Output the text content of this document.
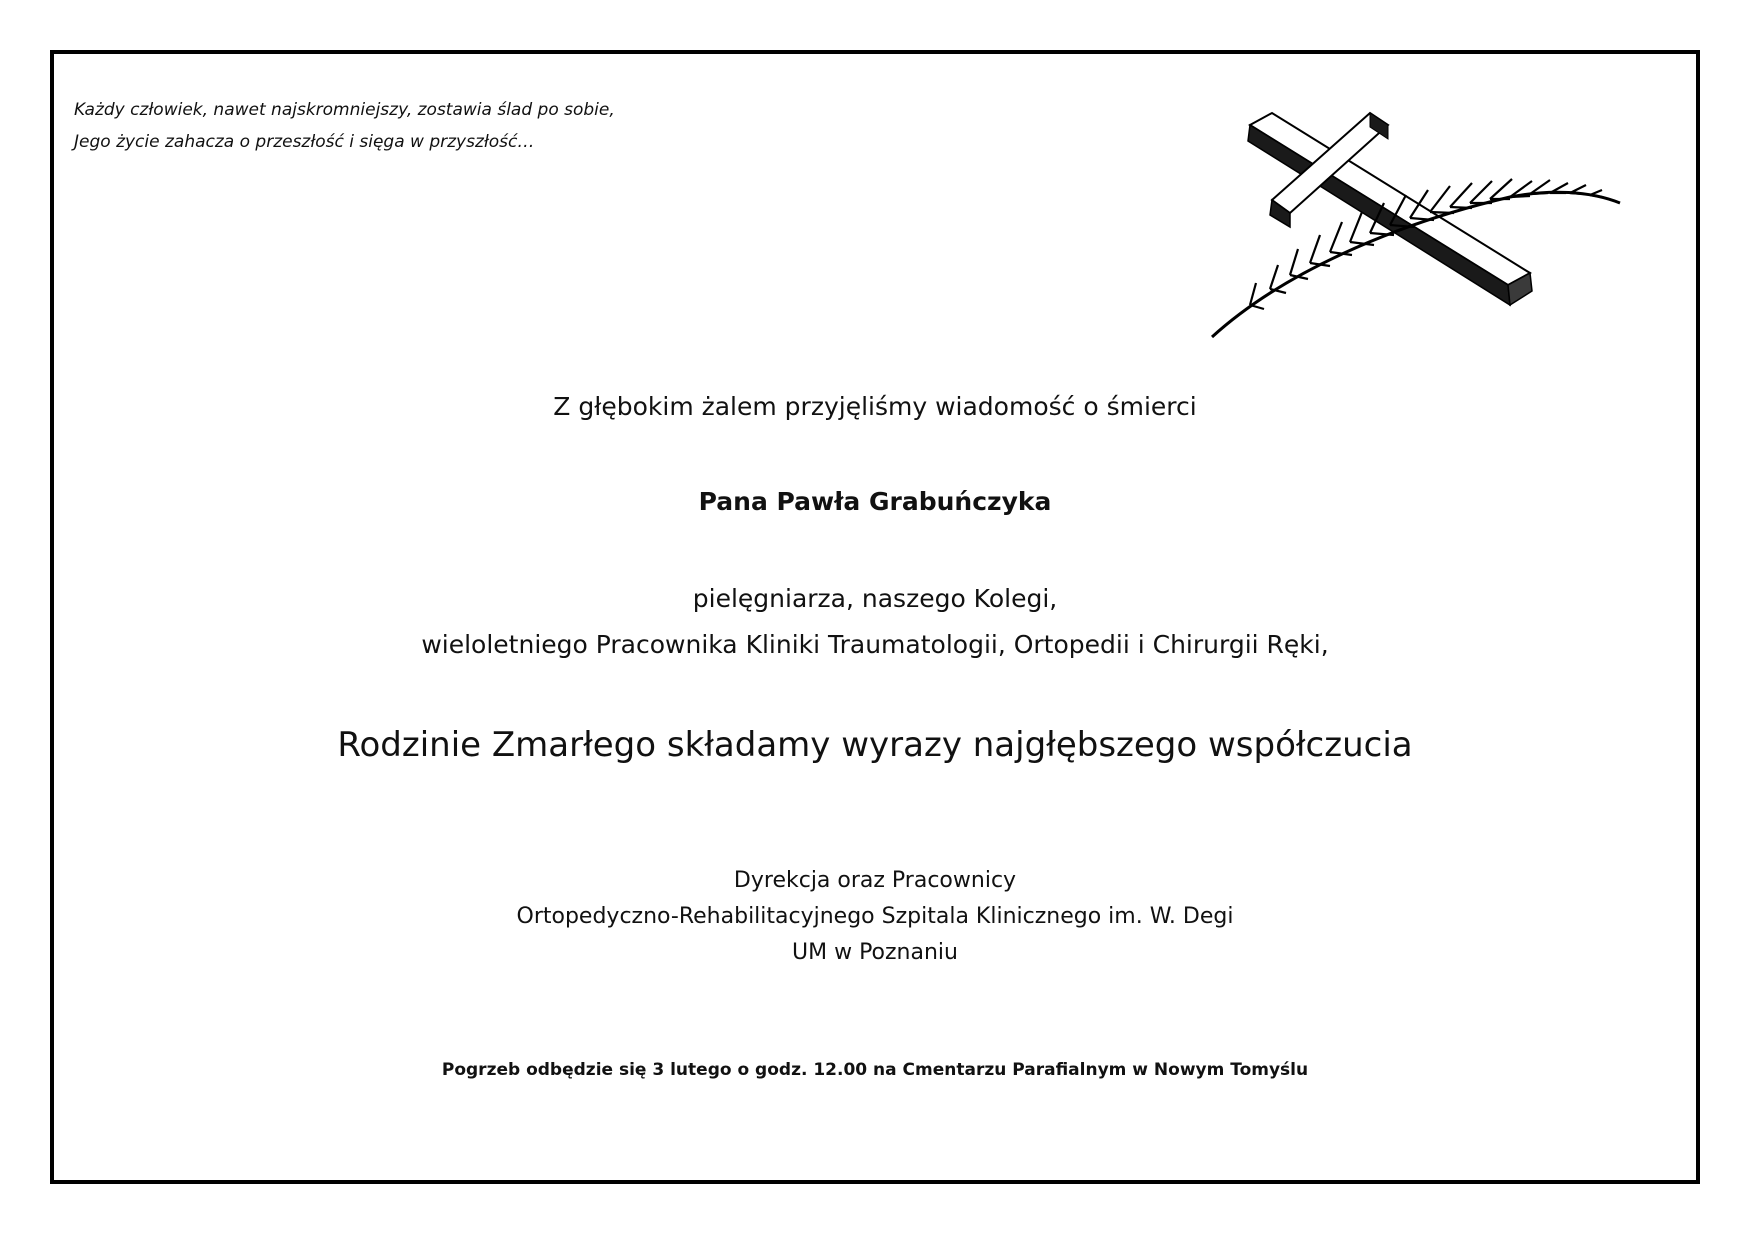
Każdy człowiek, nawet najskromniejszy, zostawia ślad po sobie,
Jego życie zahacza o przeszłość i sięga w przyszłość…
Z głębokim żalem przyjęliśmy wiadomość o śmierci
Pana Pawła Grabuńczyka
pielęgniarza, naszego Kolegi,
wieloletniego Pracownika Kliniki Traumatologii, Ortopedii i Chirurgii Ręki,
Rodzinie Zmarłego składamy wyrazy najgłębszego współczucia
Dyrekcja oraz Pracownicy
Ortopedyczno-Rehabilitacyjnego Szpitala Klinicznego im. W. Degi
UM w Poznaniu
Pogrzeb odbędzie się 3 lutego o godz. 12.00 na Cmentarzu Parafialnym w Nowym Tomyślu
